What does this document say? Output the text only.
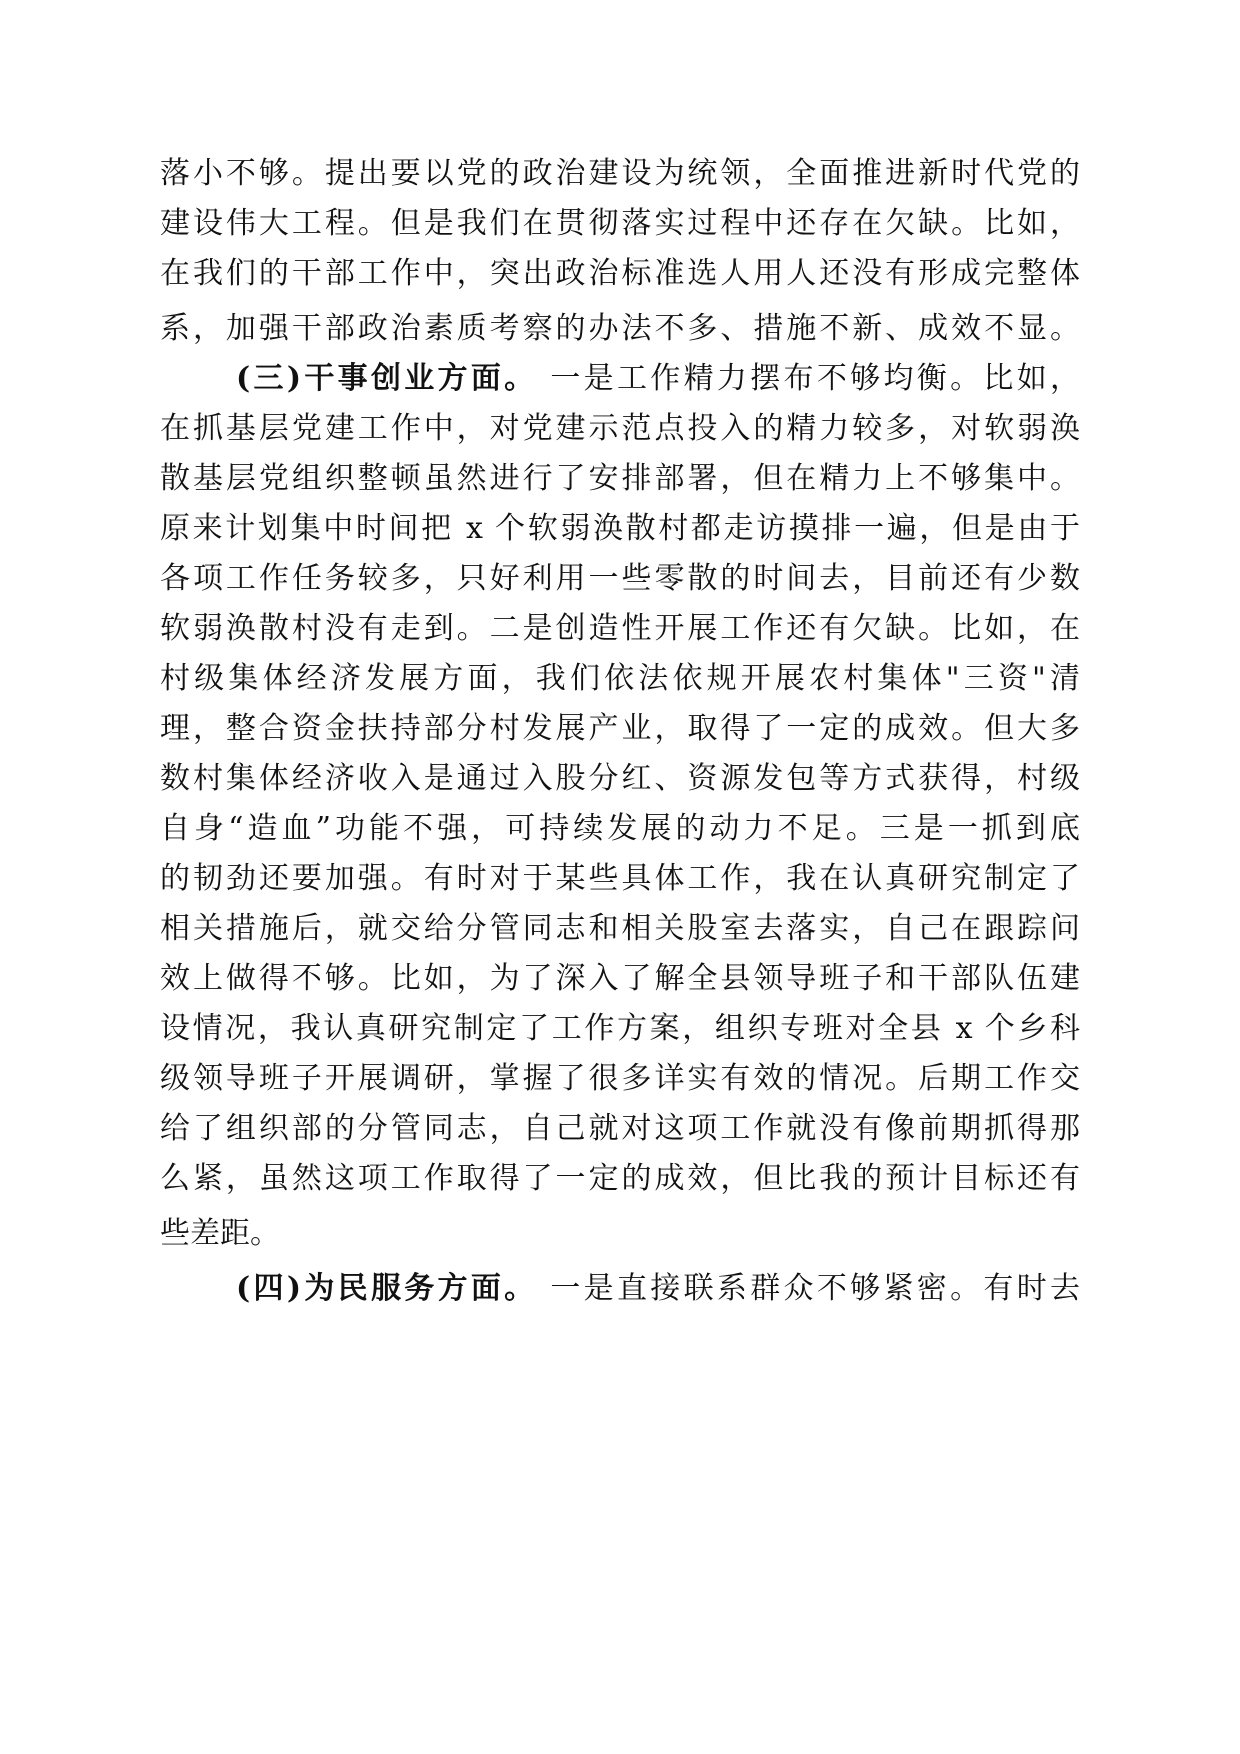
落小不够。提出要以党的政治建设为统领，全面推进新时代党的
建设伟大工程。但是我们在贯彻落实过程中还存在欠缺。比如，
在我们的干部工作中，突出政治标准选人用人还没有形成完整体
系，加强干部政治素质考察的办法不多、措施不新、成效不显。
(三)干事创业方面。 一是工作精力摆布不够均衡。比如，
在抓基层党建工作中，对党建示范点投入的精力较多，对软弱涣
散基层党组织整顿虽然进行了安排部署，但在精力上不够集中。
原来计划集中时间把 x 个软弱涣散村都走访摸排一遍，但是由于
各项工作任务较多，只好利用一些零散的时间去，目前还有少数
软弱涣散村没有走到。二是创造性开展工作还有欠缺。比如，在
村级集体经济发展方面，我们依法依规开展农村集体"三资"清
理，整合资金扶持部分村发展产业，取得了一定的成效。但大多
数村集体经济收入是通过入股分红、资源发包等方式获得，村级
自身“造血”功能不强，可持续发展的动力不足。三是一抓到底
的韧劲还要加强。有时对于某些具体工作，我在认真研究制定了
相关措施后，就交给分管同志和相关股室去落实，自己在跟踪问
效上做得不够。比如，为了深入了解全县领导班子和干部队伍建
设情况，我认真研究制定了工作方案，组织专班对全县 x 个乡科
级领导班子开展调研，掌握了很多详实有效的情况。后期工作交
给了组织部的分管同志，自己就对这项工作就没有像前期抓得那
么紧，虽然这项工作取得了一定的成效，但比我的预计目标还有
些差距。
(四)为民服务方面。 一是直接联系群众不够紧密。有时去
